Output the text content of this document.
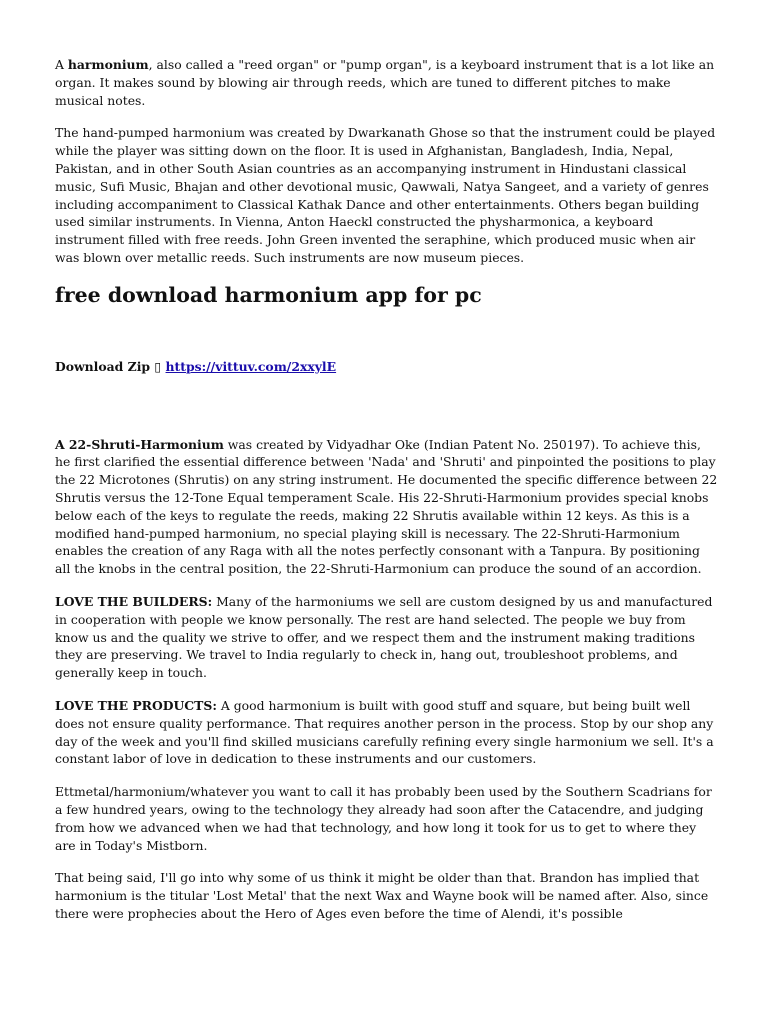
A harmonium, also called a "reed organ" or "pump organ", is a keyboard instrument that is a lot like an organ. It makes sound by blowing air through reeds, which are tuned to different pitches to make musical notes.

The hand-pumped harmonium was created by Dwarkanath Ghose so that the instrument could be played while the player was sitting down on the floor. It is used in Afghanistan, Bangladesh, India, Nepal, Pakistan, and in other South Asian countries as an accompanying instrument in Hindustani classical music, Sufi Music, Bhajan and other devotional music, Qawwali, Natya Sangeet, and a variety of genres including accompaniment to Classical Kathak Dance and other entertainments. Others began building used similar instruments. In Vienna, Anton Haeckl constructed the physharmonica, a keyboard instrument filled with free reeds. John Green invented the seraphine, which produced music when air was blown over metallic reeds. Such instruments are now museum pieces.

free download harmonium app for pc

Download Zip ▯ https://vittuv.com/2xxylE

A 22-Shruti-Harmonium was created by Vidyadhar Oke (Indian Patent No. 250197). To achieve this, he first clarified the essential difference between 'Nada' and 'Shruti' and pinpointed the positions to play the 22 Microtones (Shrutis) on any string instrument. He documented the specific difference between 22 Shrutis versus the 12-Tone Equal temperament Scale. His 22-Shruti-Harmonium provides special knobs below each of the keys to regulate the reeds, making 22 Shrutis available within 12 keys. As this is a modified hand-pumped harmonium, no special playing skill is necessary. The 22-Shruti-Harmonium enables the creation of any Raga with all the notes perfectly consonant with a Tanpura. By positioning all the knobs in the central position, the 22-Shruti-Harmonium can produce the sound of an accordion.

LOVE THE BUILDERS: Many of the harmoniums we sell are custom designed by us and manufactured in cooperation with people we know personally. The rest are hand selected. The people we buy from know us and the quality we strive to offer, and we respect them and the instrument making traditions they are preserving. We travel to India regularly to check in, hang out, troubleshoot problems, and generally keep in touch.

LOVE THE PRODUCTS: A good harmonium is built with good stuff and square, but being built well does not ensure quality performance. That requires another person in the process. Stop by our shop any day of the week and you'll find skilled musicians carefully refining every single harmonium we sell. It's a constant labor of love in dedication to these instruments and our customers.

Ettmetal/harmonium/whatever you want to call it has probably been used by the Southern Scadrians for a few hundred years, owing to the technology they already had soon after the Catacendre, and judging from how we advanced when we had that technology, and how long it took for us to get to where they are in Today's Mistborn.

That being said, I'll go into why some of us think it might be older than that. Brandon has implied that harmonium is the titular 'Lost Metal' that the next Wax and Wayne book will be named after. Also, since there were prophecies about the Hero of Ages even before the time of Alendi, it's possible
